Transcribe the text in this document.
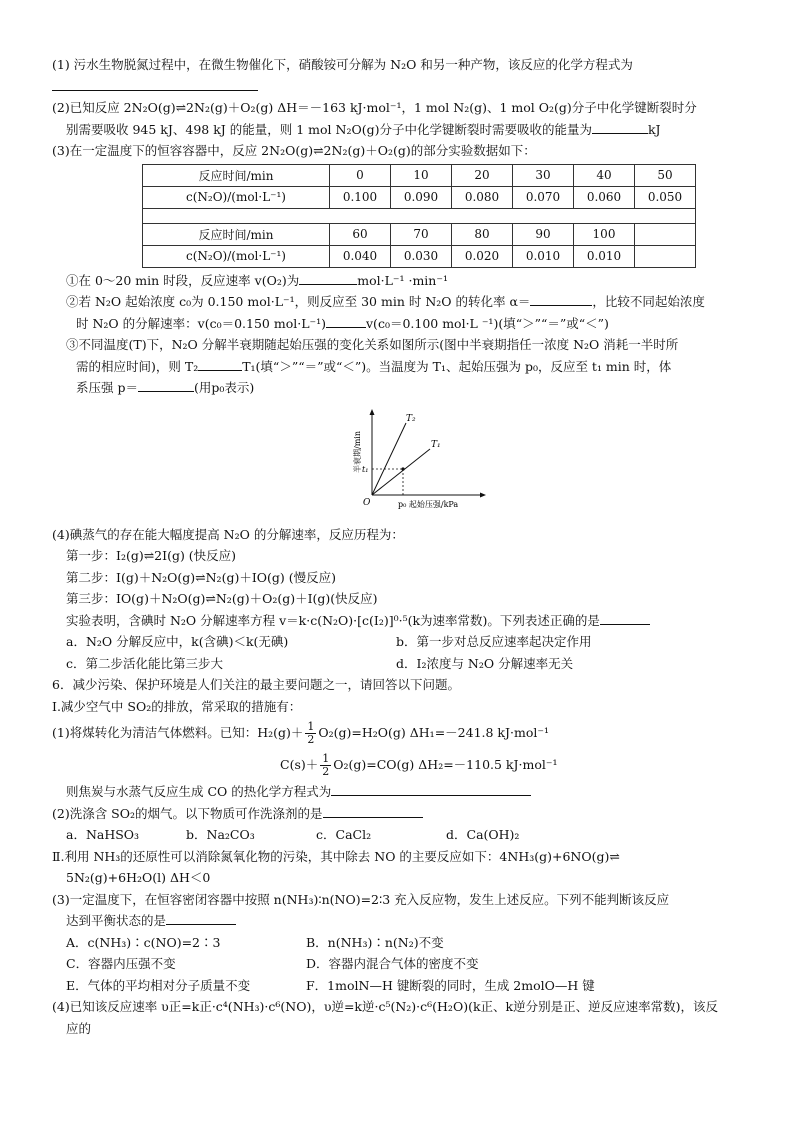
(1) 污水生物脱氮过程中，在微生物催化下，硝酸铵可分解为 N₂O 和另一种产物，该反应的化学方程式为
(2)已知反应 2N₂O(g)⇌2N₂(g)＋O₂(g) ΔH＝－163 kJ·mol⁻¹，1 mol N₂(g)、1 mol O₂(g)分子中化学键断裂时分
别需要吸收 945 kJ、498 kJ 的能量，则 1 mol N₂O(g)分子中化学键断裂时需要吸收的能量为	kJ
(3)在一定温度下的恒容容器中，反应 2N₂O(g)⇌2N₂(g)＋O₂(g)的部分实验数据如下：
反应时间/min	0	10	20	30	40	50
c(N₂O)/(mol·L⁻¹)	0.100	0.090	0.080	0.070	0.060	0.050

反应时间/min	60	70	80	90	100	
c(N₂O)/(mol·L⁻¹)	0.040	0.030	0.020	0.010	0.010	
①在 0～20 min 时段，反应速率 v(O₂)为	mol·L⁻¹ ·min⁻¹
②若 N₂O 起始浓度 c₀为 0.150 mol·L⁻¹，则反应至 30 min 时 N₂O 的转化率 α＝	，比较不同起始浓度
时 N₂O 的分解速率：v(c₀＝0.150 mol·L⁻¹)	v(c₀＝0.100 mol·L ⁻¹)(填“＞”“＝”或“＜”)
③不同温度(T)下，N₂O 分解半衰期随起始压强的变化关系如图所示(图中半衰期指任一浓度 N₂O 消耗一半时所
需的相应时间)，则 T₂	T₁(填“＞”“＝”或“＜”)。当温度为 T₁、起始压强为 p₀，反应至 t₁ min 时，体
系压强 p＝	(用p₀表示)
T₂
T₁
t₁
O	p₀ 起始压强/kPa
半衰期/min
(4)碘蒸气的存在能大幅度提高 N₂O 的分解速率，反应历程为：
第一步：I₂(g)⇌2I(g) (快反应)
第二步：I(g)＋N₂O(g)⇌N₂(g)＋IO(g) (慢反应)
第三步：IO(g)＋N₂O(g)⇌N₂(g)＋O₂(g)＋I(g)(快反应)
实验表明，含碘时 N₂O 分解速率方程 v＝k·c(N₂O)·[c(I₂)]⁰·⁵(k为速率常数)。下列表述正确的是
a．N₂O 分解反应中，k(含碘)＜k(无碘)	b．第一步对总反应速率起决定作用
c．第二步活化能比第三步大	d．I₂浓度与 N₂O 分解速率无关
6．减少污染、保护环境是人们关注的最主要问题之一，请回答以下问题。
Ⅰ.减少空气中 SO₂的排放，常采取的措施有：
(1)将煤转化为清洁气体燃料。已知：$H_2(g)+ \frac{1}{2} O_2(g)=H_2O(g)$ ΔH₁=－241.8 kJ·mol⁻¹
$C(s)+ \frac{1}{2} O_2(g)=CO(g)$ ΔH₂=－110.5 kJ·mol⁻¹
则焦炭与水蒸气反应生成 CO 的热化学方程式为
(2)洗涤含 SO₂的烟气。以下物质可作洗涤剂的是
a．NaHSO₃	b．Na₂CO₃	c．CaCl₂	d．Ca(OH)₂
Ⅱ.利用 NH₃的还原性可以消除氮氧化物的污染，其中除去 NO 的主要反应如下：4NH₃(g)+6NO(g)⇌
5N₂(g)+6H₂O(l) ΔH＜0
(3)一定温度下，在恒容密闭容器中按照 n(NH₃)∶n(NO)=2∶3 充入反应物，发生上述反应。下列不能判断该反应
达到平衡状态的是
A．c(NH₃)∶c(NO)=2∶3	B．n(NH₃)∶n(N₂)不变
C．容器内压强不变	D．容器内混合气体的密度不变
E．气体的平均相对分子质量不变	F．1molN—H 键断裂的同时，生成 2molO—H 键
(4)已知该反应速率 υ正=k正·c⁴(NH₃)·c⁶(NO)，υ逆=k逆·c⁵(N₂)·c⁶(H₂O)(k正、k逆分别是正、逆反应速率常数)，该反
应的
